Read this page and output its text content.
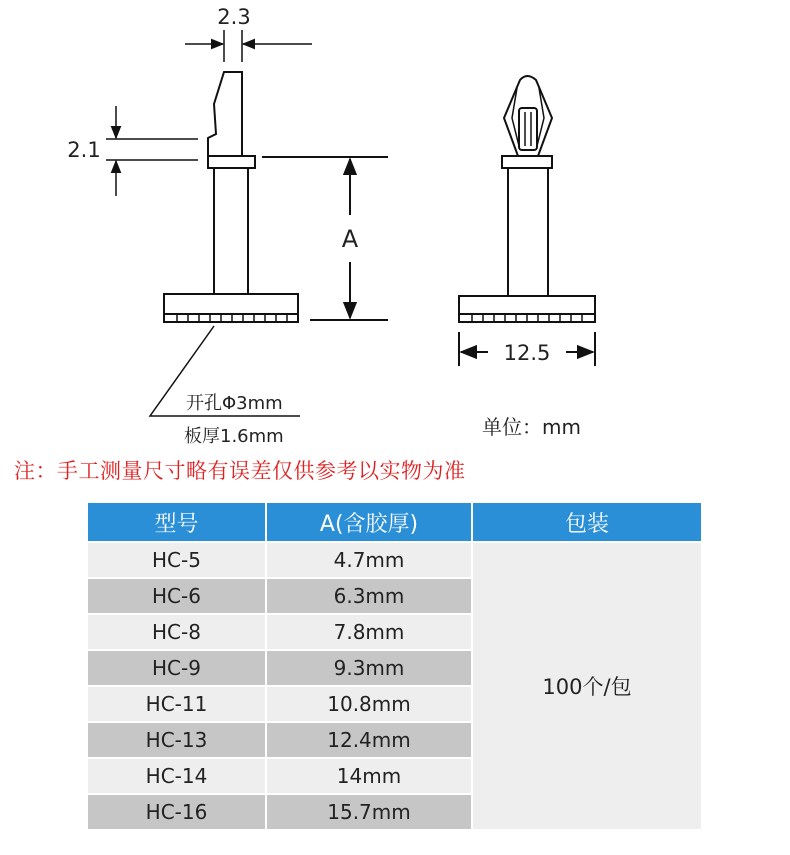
2.3
2.1
A
开孔Φ3mm
板厚1.6mm
12.5
单位：mm
注：手工测量尺寸略有误差仅供参考以实物为准
型号	A(含胶厚)	包装
HC-5	4.7mm	100个/包
HC-6	6.3mm	
HC-8	7.8mm	
HC-9	9.3mm	
HC-11	10.8mm	
HC-13	12.4mm	
HC-14	14mm	
HC-16	15.7mm	
